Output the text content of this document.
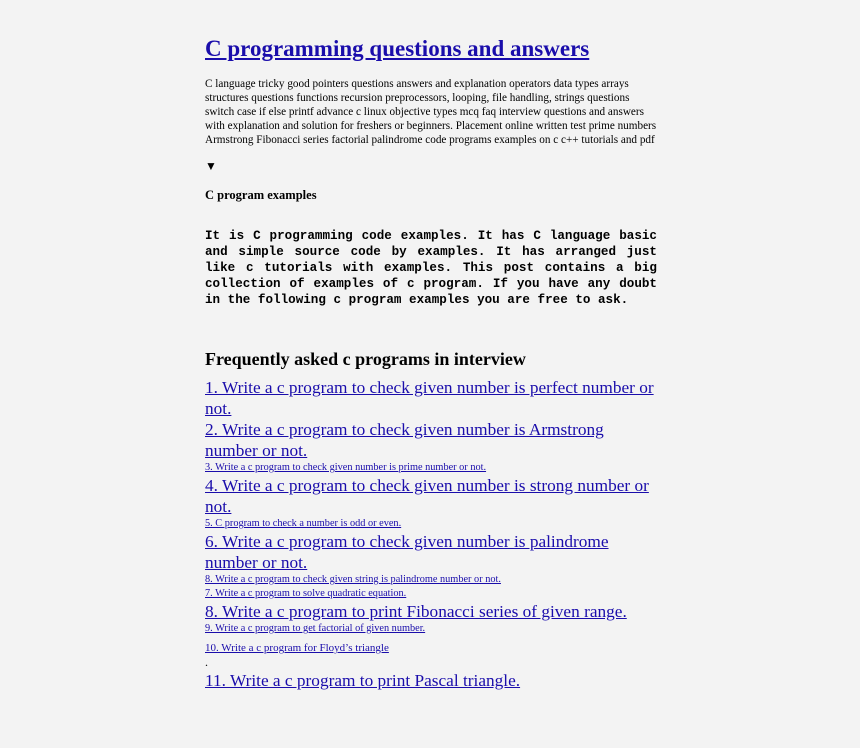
C programming questions and answers
C language tricky good pointers questions answers and explanation operators data types arrays structures questions functions recursion preprocessors, looping, file handling, strings questions switch case if else printf advance c linux objective types mcq faq interview questions and answers with explanation and solution for freshers or beginners. Placement online written test prime numbers Armstrong Fibonacci series factorial palindrome code programs examples on c c++ tutorials and pdf
▼
C program examples
It is C programming code examples. It has C language basic and simple source code by examples. It has arranged just like c tutorials with examples. This post contains a big collection of examples of c program. If you have any doubt in the following c program examples you are free to ask.
Frequently asked c programs in interview
1. Write a c program to check given number is perfect number or not.
2. Write a c program to check given number is Armstrong number or not.
3. Write a c program to check given number is prime number or not.
4. Write a c program to check given number is strong number or not.
5. C program to check a number is odd or even.
6. Write a c program to check given number is palindrome number or not.
8. Write a c program to check given string is palindrome number or not.
7. Write a c program to solve quadratic equation.
8. Write a c program to print Fibonacci series of given range.
9. Write a c program to get factorial of given number.
10. Write a c program for Floyd’s triangle
.
11. Write a c program to print Pascal triangle.
